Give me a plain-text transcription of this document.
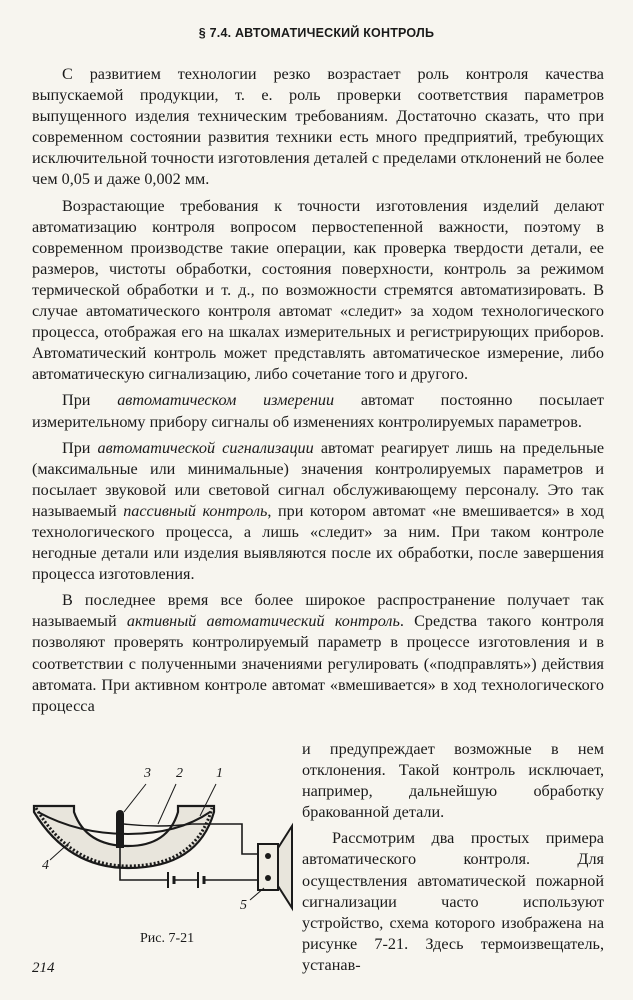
§ 7.4. АВТОМАТИЧЕСКИЙ КОНТРОЛЬ

С развитием технологии резко возрастает роль контроля качества выпускаемой продукции, т. е. роль проверки соответствия параметров выпущенного изделия техническим требованиям. Достаточно сказать, что при современном состоянии развития техники есть много предприятий, требующих исключительной точности изготовления деталей с пределами отклонений не более чем 0,05 и даже 0,002 мм.

Возрастающие требования к точности изготовления изделий делают автоматизацию контроля вопросом первостепенной важности, поэтому в современном производстве такие операции, как проверка твердости детали, ее размеров, чистоты обработки, состояния поверхности, контроль за режимом термической обработки и т. д., по возможности стремятся автоматизировать. В случае автоматического контроля автомат «следит» за ходом технологического процесса, отображая его на шкалах измерительных и регистрирующих приборов. Автоматический контроль может представлять автоматическое измерение, либо автоматическую сигнализацию, либо сочетание того и другого.

При автоматическом измерении автомат постоянно посылает измерительному прибору сигналы об изменениях контролируемых параметров.

При автоматической сигнализации автомат реагирует лишь на предельные (максимальные или минимальные) значения контролируемых параметров и посылает звуковой или световой сигнал обслуживающему персоналу. Это так называемый пассивный контроль, при котором автомат «не вмешивается» в ход технологического процесса, а лишь «следит» за ним. При таком контроле негодные детали или изделия выявляются после их обработки, после завершения процесса изготовления.

В последнее время все более широкое распространение получает так называемый активный автоматический контроль. Средства такого контроля позволяют проверять контролируемый параметр в процессе изготовления и в соответствии с полученными значениями регулировать («подправлять») действия автомата. При активном контроле автомат «вмешивается» в ход технологического процесса

и предупреждает возможные в нем отклонения. Такой контроль исключает, например, дальнейшую обработку бракованной детали.

Рассмотрим два простых примера автоматического контроля. Для осуществления автоматической пожарной сигнализации часто используют устройство, схема которого изображена на рисунке 7-21. Здесь термоизвещатель, устанав-

3 2 1
4
5
Рис. 7-21
214
